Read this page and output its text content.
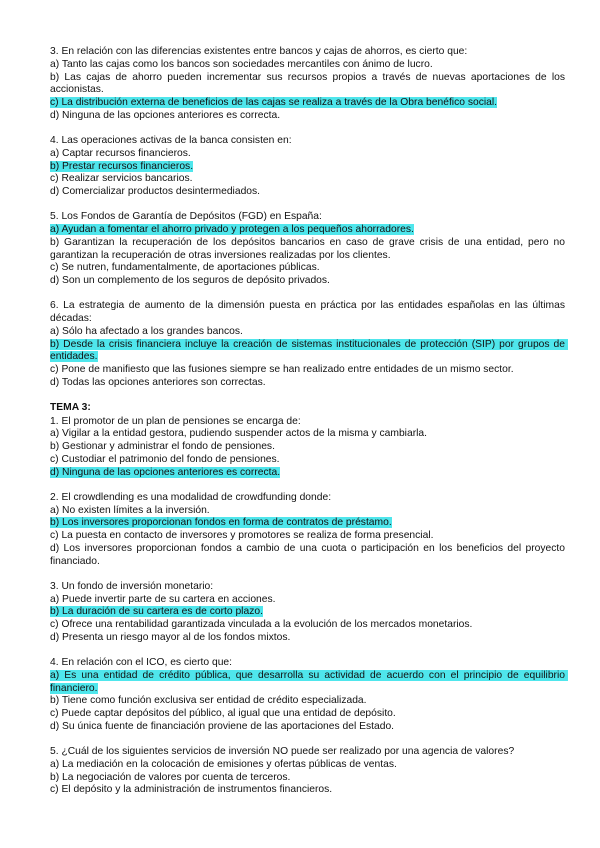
3. En relación con las diferencias existentes entre bancos y cajas de ahorros, es cierto que:
a) Tanto las cajas como los bancos son sociedades mercantiles con ánimo de lucro.
b) Las cajas de ahorro pueden incrementar sus recursos propios a través de nuevas aportaciones de los accionistas.
c) La distribución externa de beneficios de las cajas se realiza a través de la Obra benéfico social.
d) Ninguna de las opciones anteriores es correcta.
4. Las operaciones activas de la banca consisten en:
a) Captar recursos financieros.
b) Prestar recursos financieros.
c) Realizar servicios bancarios.
d) Comercializar productos desintermediados.
5. Los Fondos de Garantía de Depósitos (FGD) en España:
a) Ayudan a fomentar el ahorro privado y protegen a los pequeños ahorradores.
b) Garantizan la recuperación de los depósitos bancarios en caso de grave crisis de una entidad, pero no garantizan la recuperación de otras inversiones realizadas por los clientes.
c) Se nutren, fundamentalmente, de aportaciones públicas.
d) Son un complemento de los seguros de depósito privados.
6. La estrategia de aumento de la dimensión puesta en práctica por las entidades españolas en las últimas décadas:
a) Sólo ha afectado a los grandes bancos.
b) Desde la crisis financiera incluye la creación de sistemas institucionales de protección (SIP) por grupos de entidades.
c) Pone de manifiesto que las fusiones siempre se han realizado entre entidades de un mismo sector.
d) Todas las opciones anteriores son correctas.
TEMA 3:
1. El promotor de un plan de pensiones se encarga de:
a) Vigilar a la entidad gestora, pudiendo suspender actos de la misma y cambiarla.
b) Gestionar y administrar el fondo de pensiones.
c) Custodiar el patrimonio del fondo de pensiones.
d) Ninguna de las opciones anteriores es correcta.
2. El crowdlending es una modalidad de crowdfunding donde:
a) No existen límites a la inversión.
b) Los inversores proporcionan fondos en forma de contratos de préstamo.
c) La puesta en contacto de inversores y promotores se realiza de forma presencial.
d) Los inversores proporcionan fondos a cambio de una cuota o participación en los beneficios del proyecto financiado.
3. Un fondo de inversión monetario:
a) Puede invertir parte de su cartera en acciones.
b) La duración de su cartera es de corto plazo.
c) Ofrece una rentabilidad garantizada vinculada a la evolución de los mercados monetarios.
d) Presenta un riesgo mayor al de los fondos mixtos.
4. En relación con el ICO, es cierto que:
a) Es una entidad de crédito pública, que desarrolla su actividad de acuerdo con el principio de equilibrio financiero.
b) Tiene como función exclusiva ser entidad de crédito especializada.
c) Puede captar depósitos del público, al igual que una entidad de depósito.
d) Su única fuente de financiación proviene de las aportaciones del Estado.
5. ¿Cuál de los siguientes servicios de inversión NO puede ser realizado por una agencia de valores?
a) La mediación en la colocación de emisiones y ofertas públicas de ventas.
b) La negociación de valores por cuenta de terceros.
c) El depósito y la administración de instrumentos financieros.
